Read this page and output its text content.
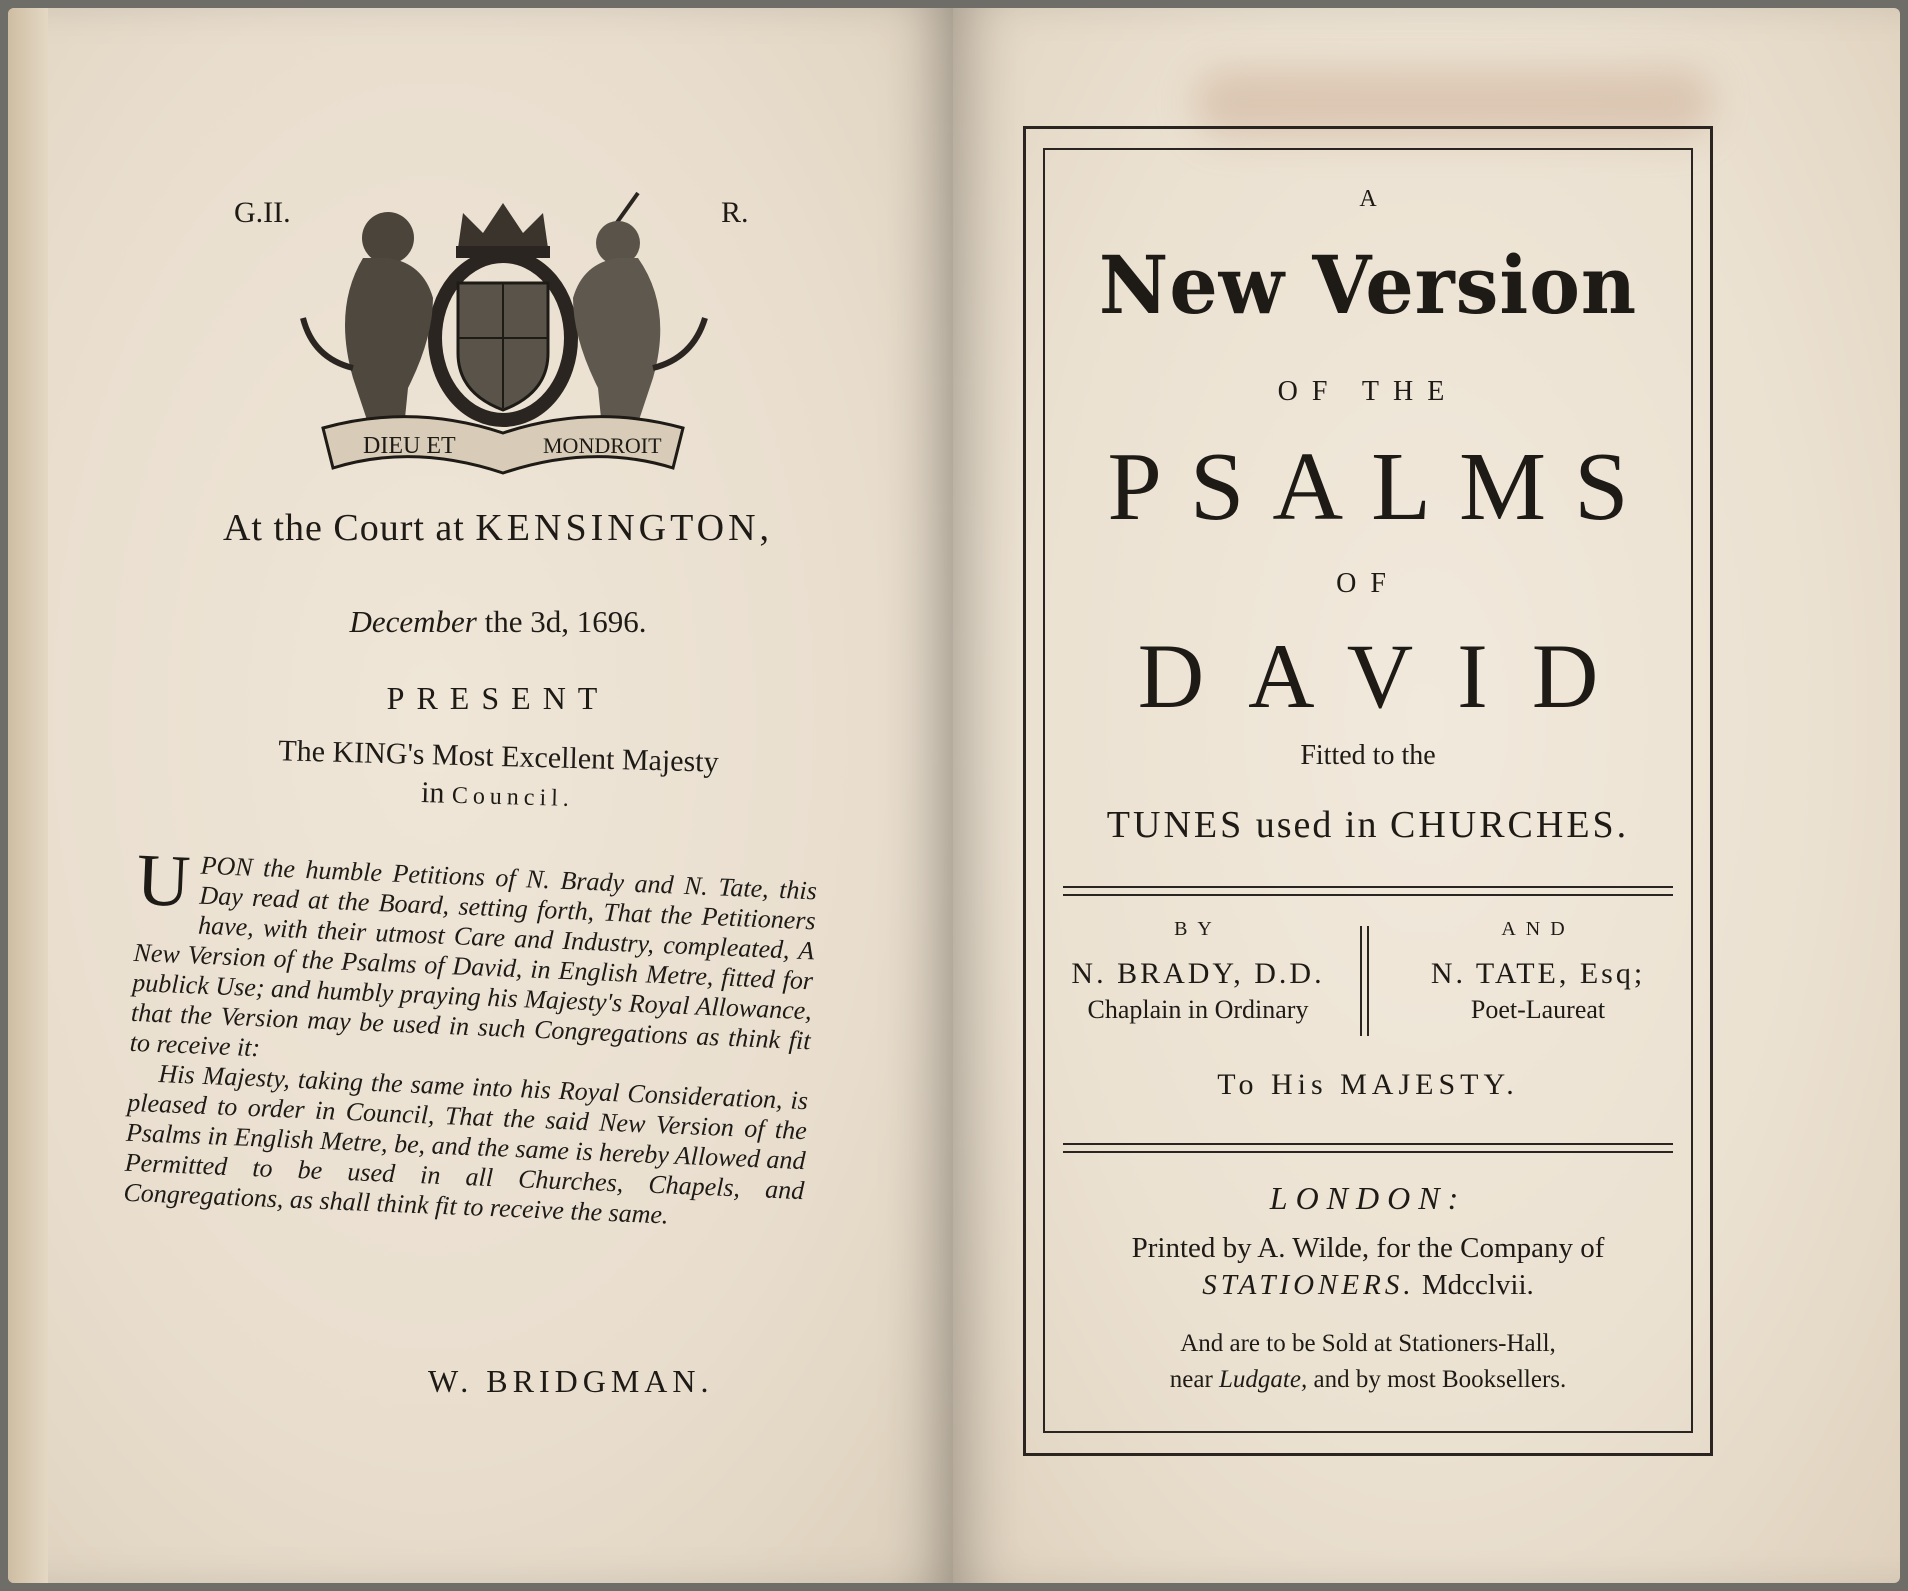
G.II.	R.
DIEU ET	MONDROIT
At the Court at KENSINGTON,
December the 3d, 1696.
PRESENT
The KING's Most Excellent Majesty
in Council.
U PON the humble Petitions of N. Brady and N. Tate, this Day read at the Board, setting forth, That the Petitioners have, with their utmost Care and Industry, compleated, A New Version of the Psalms of David, in English Metre, fitted for publick Use; and humbly praying his Majesty's Royal Allowance, that the Version may be used in such Congregations as think fit to receive it:
His Majesty, taking the same into his Royal Consideration, is pleased to order in Council, That the said New Version of the Psalms in English Metre, be, and the same is hereby Allowed and Permitted to be used in all Churches, Chapels, and Congregations, as shall think fit to receive the same.
W. BRIDGMAN.
A
New Version
OF THE
PSALMS
OF
DAVID
Fitted to the
TUNES used in CHURCHES.
BY
N. BRADY, D.D.
Chaplain in Ordinary
AND
N. TATE, Esq;
Poet-Laureat
To His MAJESTY.
LONDON:
Printed by A. Wilde, for the Company of
STATIONERS. Mdcclvii.
And are to be Sold at Stationers-Hall,
near Ludgate, and by most Booksellers.
